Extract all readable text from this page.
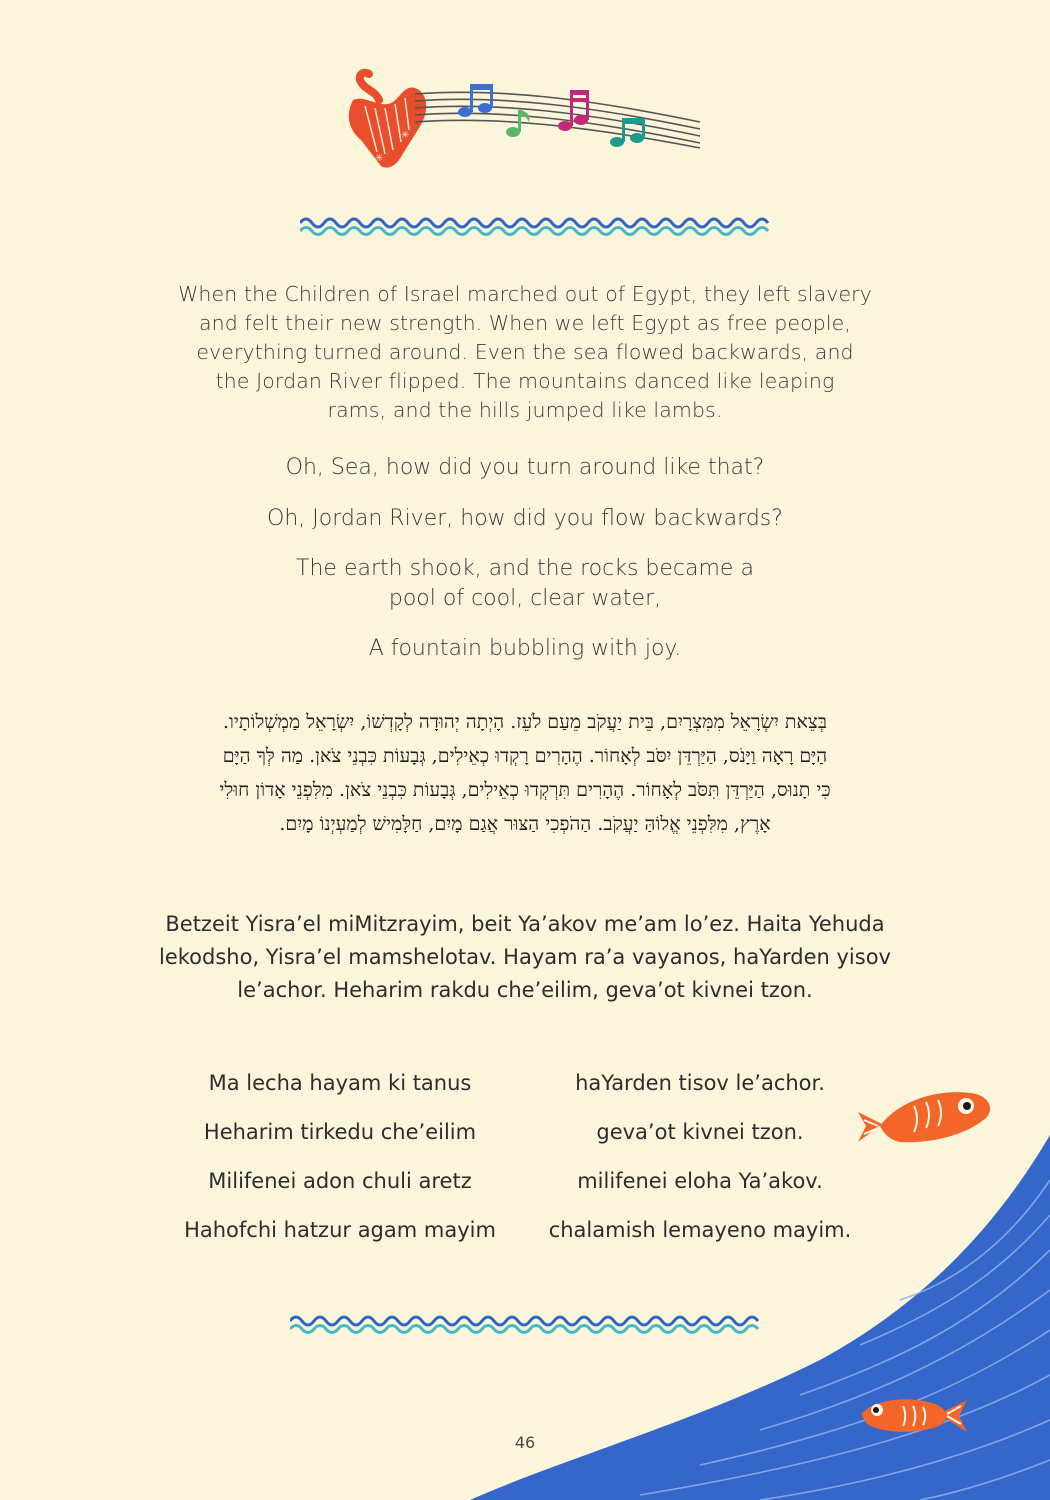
✳
✳
When the Children of Israel marched out of Egypt, they left slavery
and felt their new strength. When we left Egypt as free people,
everything turned around. Even the sea flowed backwards, and
the Jordan River flipped. The mountains danced like leaping
rams, and the hills jumped like lambs.
Oh, Sea, how did you turn around like that?
Oh, Jordan River, how did you flow backwards?
The earth shook, and the rocks became a
pool of cool, clear water,
A fountain bubbling with joy.
בְּצֵאת יִשְׂרָאֵל מִמִּצְרָיִם, בֵּית יַעֲקֹב מֵעַם לֹעֵז. הָיְתָה יְהוּדָה לְקָדְשׁוֹ, יִשְׂרָאֵל מַמְשְׁלוֹתָיו.
הַיָּם רָאָה וַיָּנֹס, הַיַּרְדֵּן יִסֹּב לְאָחוֹר. הֶהָרִים רָקְדוּ כְאֵילִים, גְּבָעוֹת כִּבְנֵי צֹאן. מַה לְּךָ הַיָּם
כִּי תָנוּס, הַיַּרְדֵּן תִּסֹּב לְאָחוֹר. הֶהָרִים תִּרְקְדוּ כְאֵילִים, גְּבָעוֹת כִּבְנֵי צֹאן. מִלִּפְנֵי אָדוֹן חוּלִי
אָרֶץ, מִלִּפְנֵי אֱלוֹהַּ יַעֲקֹב. הַהֹפְכִי הַצּוּר אֲגַם מָיִם, חַלָּמִישׁ לְמַעְיְנוֹ מָיִם.
Betzeit Yisra’el miMitzrayim, beit Ya’akov me’am lo’ez. Haita Yehuda
lekodsho, Yisra’el mamshelotav. Hayam ra’a vayanos, haYarden yisov
le’achor. Heharim rakdu che’eilim, geva’ot kivnei tzon.
Ma lecha hayam ki tanus
Heharim tirkedu che’eilim
Milifenei adon chuli aretz
Hahofchi hatzur agam mayim
haYarden tisov le’achor.
geva’ot kivnei tzon.
milifenei eloha Ya’akov.
chalamish lemayeno mayim.
46
